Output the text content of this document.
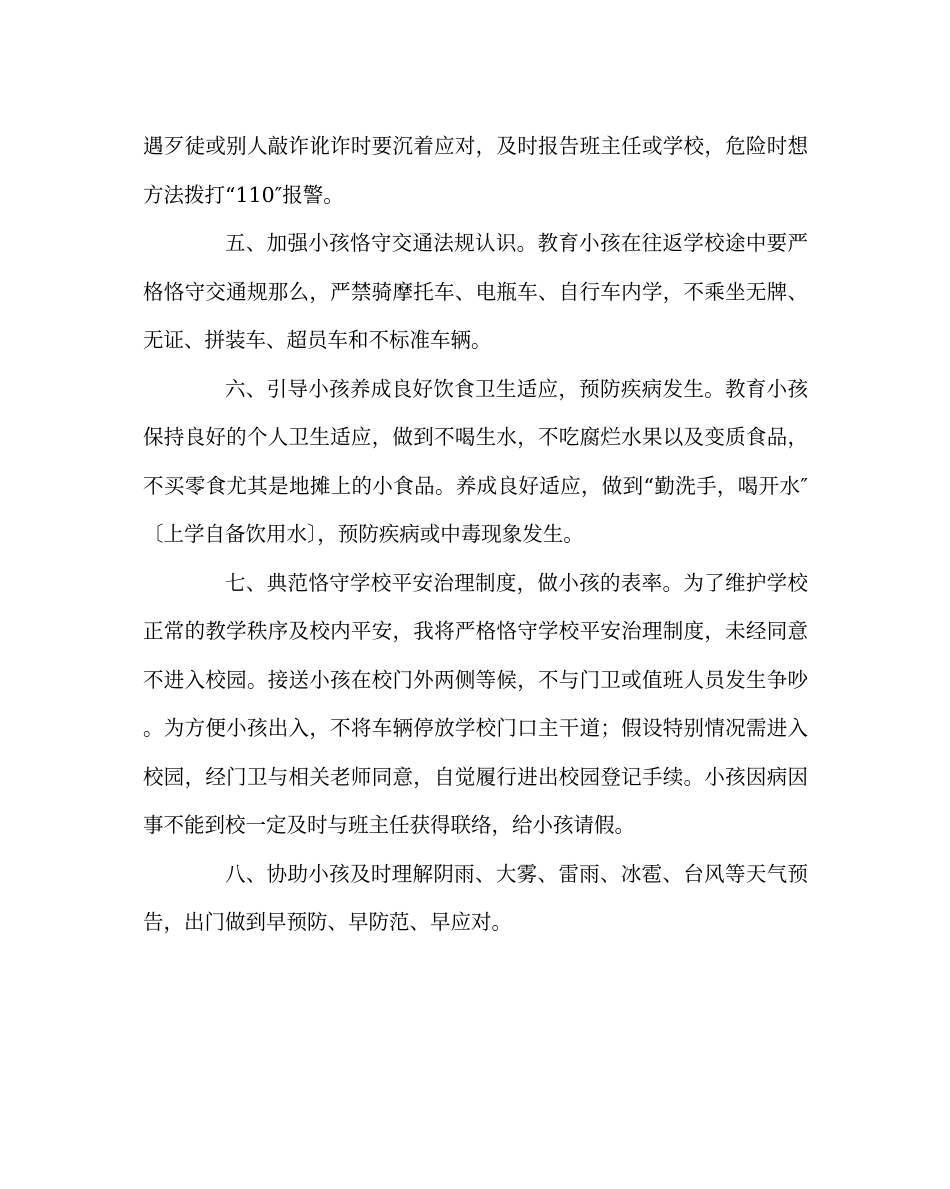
遇歹徒或别人敲诈讹诈时要沉着应对，及时报告班主任或学校，危险时想方法拨打“110″报警。

五、加强小孩恪守交通法规认识。教育小孩在往返学校途中要严格恪守交通规那么，严禁骑摩托车、电瓶车、自行车内学，不乘坐无牌、无证、拼装车、超员车和不标准车辆。

六、引导小孩养成良好饮食卫生适应，预防疾病发生。教育小孩保持良好的个人卫生适应，做到不喝生水，不吃腐烂水果以及变质食品，不买零食尤其是地摊上的小食品。养成良好适应，做到“勤洗手，喝开水″〔上学自备饮用水〕，预防疾病或中毒现象发生。

七、典范恪守学校平安治理制度，做小孩的表率。为了维护学校正常的教学秩序及校内平安，我将严格恪守学校平安治理制度，未经同意不进入校园。接送小孩在校门外两侧等候，不与门卫或值班人员发生争吵。为方便小孩出入，不将车辆停放学校门口主干道；假设特别情况需进入校园，经门卫与相关老师同意，自觉履行进出校园登记手续。小孩因病因事不能到校一定及时与班主任获得联络，给小孩请假。

八、协助小孩及时理解阴雨、大雾、雷雨、冰雹、台风等天气预告，出门做到早预防、早防范、早应对。
